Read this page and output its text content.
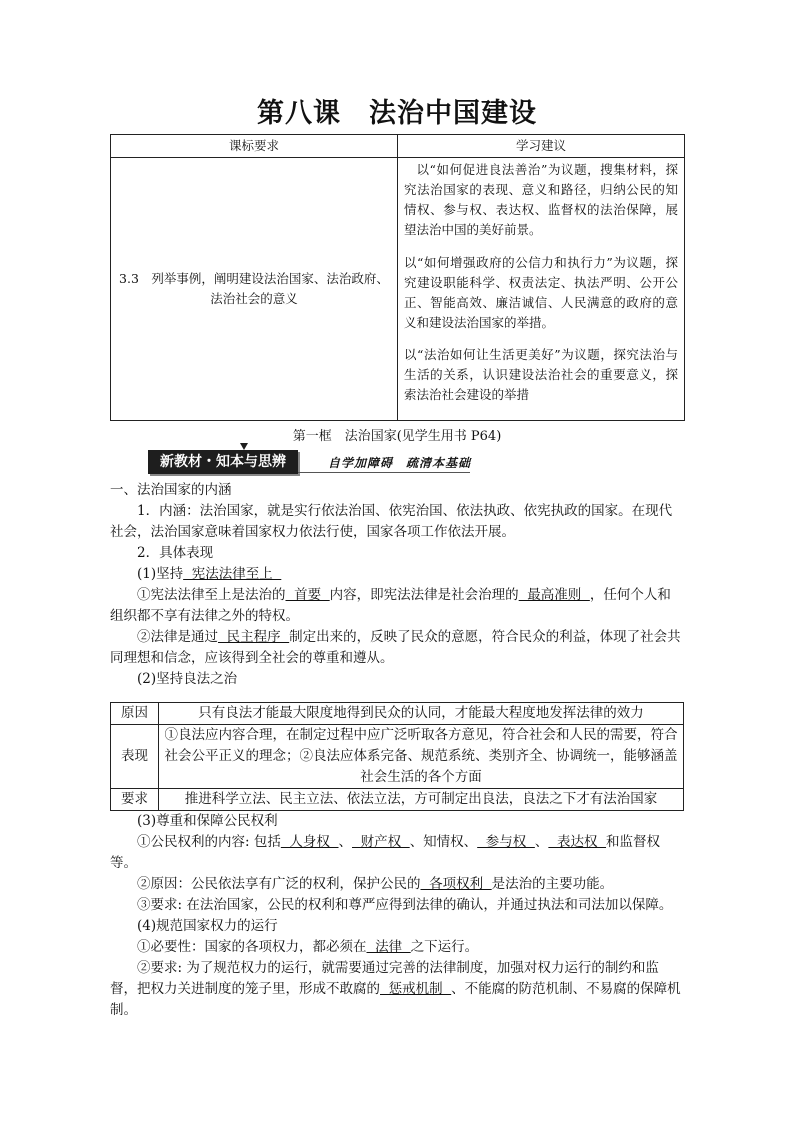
第八课　法治中国建设
课标要求	学习建议
3.3　列举事例，阐明建设法治国家、法治政府、法治社会的意义	以“如何促进良法善治”为议题，搜集材料，探究法治国家的表现、意义和路径，归纳公民的知情权、参与权、表达权、监督权的法治保障，展望法治中国的美好前景。

以“如何增强政府的公信力和执行力”为议题，探究建设职能科学、权责法定、执法严明、公开公正、智能高效、廉洁诚信、人民满意的政府的意义和建设法治国家的举措。

以“法治如何让生活更美好”为议题，探究法治与生活的关系，认识建设法治社会的重要意义，探索法治社会建设的举措

第一框　法治国家(见学生用书 P64)
新教材・知本与思辨	自学加障碍　疏清本基础

一、法治国家的内涵

1．内涵：法治国家，就是实行依法治国、依宪治国、依法执政、依宪执政的国家。在现代社会，法治国家意味着国家权力依法行使，国家各项工作依法开展。

2．具体表现

(1)坚持  宪法法律至上

①宪法法律至上是法治的  首要  内容，即宪法法律是社会治理的  最高准则  ，任何个人和组织都不享有法律之外的特权。

②法律是通过  民主程序  制定出来的，反映了民众的意愿，符合民众的利益，体现了社会共同理想和信念，应该得到全社会的尊重和遵从。

(2)坚持良法之治

原因	只有良法才能最大限度地得到民众的认同，才能最大程度地发挥法律的效力
表现	①良法应内容合理，在制定过程中应广泛听取各方意见，符合社会和人民的需要，符合社会公平正义的理念；②良法应体系完备、规范系统、类别齐全、协调统一，能够涵盖社会生活的各个方面
要求	推进科学立法、民主立法、依法立法，方可制定出良法，良法之下才有法治国家

(3)尊重和保障公民权利

①公民权利的内容: 包括  人身权  、  财产权  、知情权、  参与权  、  表达权  和监督权等。

②原因：公民依法享有广泛的权利，保护公民的  各项权利  是法治的主要功能。

③要求: 在法治国家，公民的权利和尊严应得到法律的确认，并通过执法和司法加以保障。

(4)规范国家权力的运行

①必要性：国家的各项权力，都必须在  法律  之下运行。

②要求: 为了规范权力的运行，就需要通过完善的法律制度，加强对权力运行的制约和监督，把权力关进制度的笼子里，形成不敢腐的  惩戒机制  、不能腐的防范机制、不易腐的保障机制。
